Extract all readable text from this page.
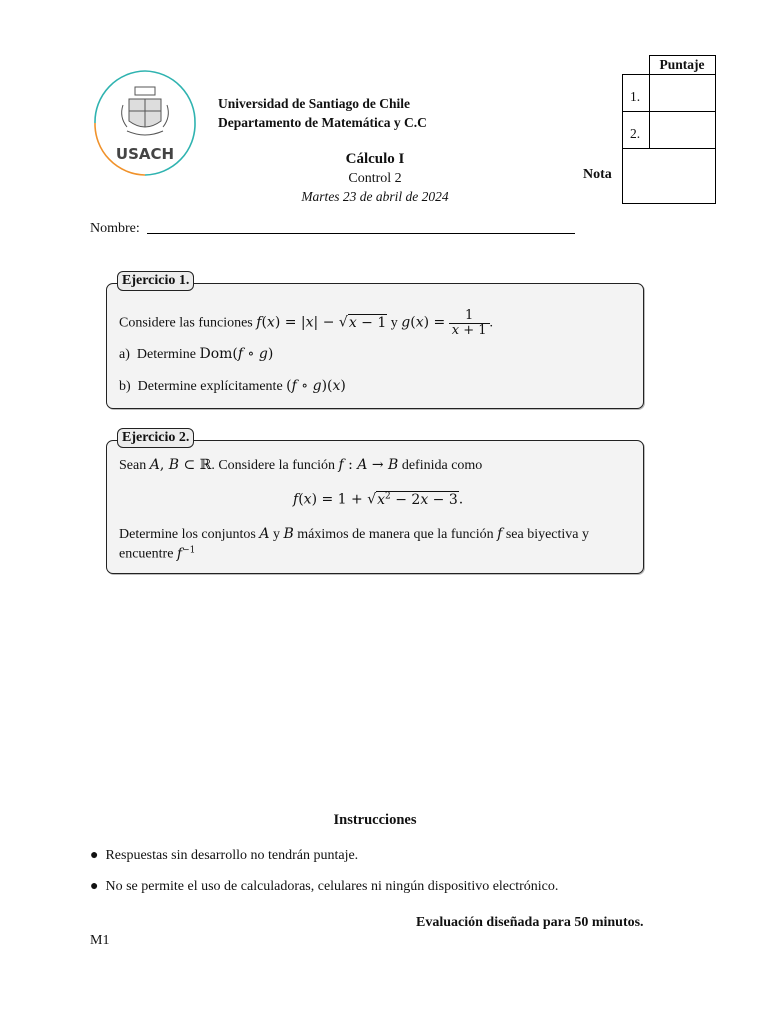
USACH
Universidad de Santiago de Chile
Departamento de Matemática y C.C
Cálculo I
Control 2
Martes 23 de abril de 2024
	Puntaje
1.	
2.	

Nota
Nombre:
Considere las funciones f(x) = |x| − √x − 1 y $g(x) = \frac{1}{x + 1}$ .
a) Determine Dom(f ∘ g)
b) Determine explícitamente (f ∘ g)(x)
Ejercicio 1.
Sean A, B ⊂ ℝ. Considere la función f : A → B definida como
$f(x) = 1 + √x^2 - 2x - 3$.
Determine los conjuntos A y B máximos de manera que la función f sea biyectiva y
encuentre $f^{-1}$
Ejercicio 2.
Instrucciones
● Respuestas sin desarrollo no tendrán puntaje.
● No se permite el uso de calculadoras, celulares ni ningún dispositivo electrónico.
Evaluación diseñada para 50 minutos.
M1
